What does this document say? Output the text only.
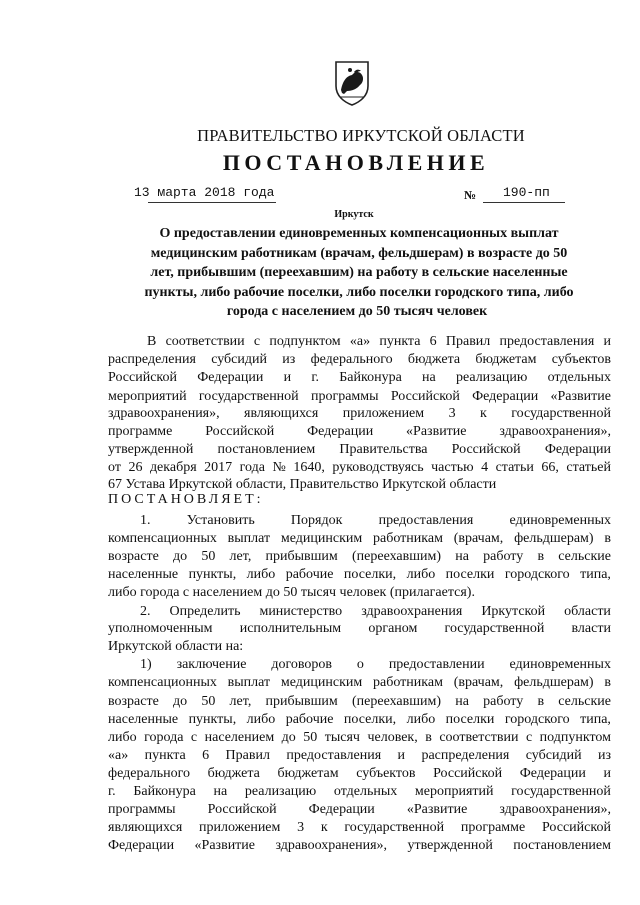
ПРАВИТЕЛЬСТВО ИРКУТСКОЙ ОБЛАСТИ
ПОСТАНОВЛЕНИЕ
13 марта 2018 года	№ 190-пп
Иркутск
О предоставлении единовременных компенсационных выплат
медицинским работникам (врачам, фельдшерам) в возрасте до 50
лет, прибывшим (переехавшим) на работу в сельские населенные
пункты, либо рабочие поселки, либо поселки городского типа, либо
города с населением до 50 тысяч человек
В соответствии с подпунктом «а» пункта 6 Правил предоставления и
распределения субсидий из федерального бюджета бюджетам субъектов
Российской Федерации и г. Байконура на реализацию отдельных
мероприятий государственной программы Российской Федерации «Развитие
здравоохранения», являющихся приложением 3 к государственной
программе Российской Федерации «Развитие здравоохранения»,
утвержденной постановлением Правительства Российской Федерации
от 26 декабря 2017 года № 1640, руководствуясь частью 4 статьи 66, статьей
67 Устава Иркутской области, Правительство Иркутской области
ПОСТАНОВЛЯЕТ:
1.	Установить	Порядок	предоставления	единовременных
компенсационных выплат медицинским работникам (врачам, фельдшерам) в
возрасте до 50 лет, прибывшим (переехавшим) на работу в сельские
населенные пункты, либо рабочие поселки, либо поселки городского типа,
либо города с населением до 50 тысяч человек (прилагается).
2. Определить министерство здравоохранения Иркутской области
уполномоченным исполнительным органом государственной власти
Иркутской области на:
1) заключение договоров о предоставлении единовременных
компенсационных выплат медицинским работникам (врачам, фельдшерам) в
возрасте до 50 лет, прибывшим (переехавшим) на работу в сельские
населенные пункты, либо рабочие поселки, либо поселки городского типа,
либо города с населением до 50 тысяч человек, в соответствии с подпунктом
«а» пункта 6 Правил предоставления и распределения субсидий из
федерального бюджета бюджетам субъектов Российской Федерации и
г. Байконура на реализацию отдельных мероприятий государственной
программы Российской Федерации «Развитие здравоохранения»,
являющихся приложением 3 к государственной программе Российской
Федерации «Развитие здравоохранения», утвержденной постановлением
